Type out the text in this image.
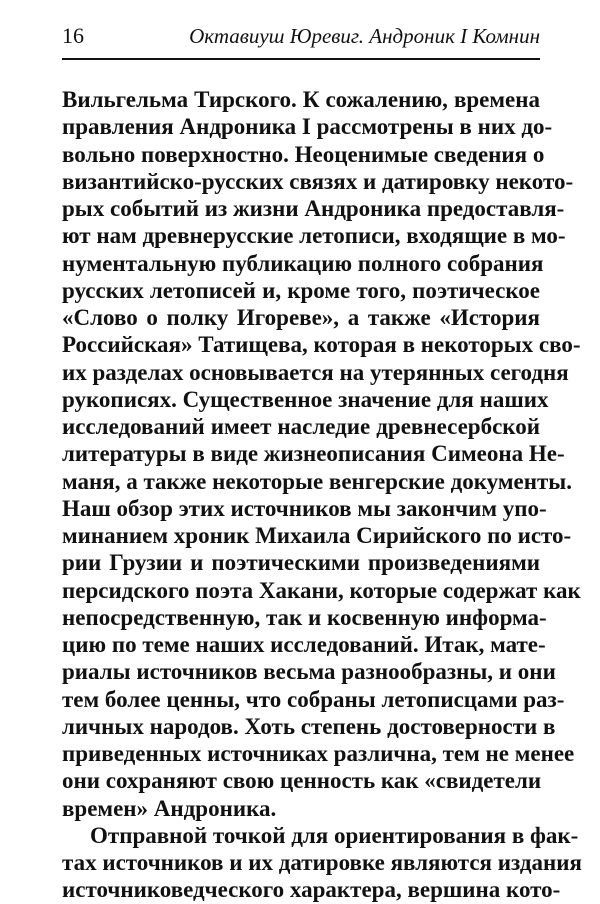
16	Октавиуш Юревиг. Андроник I Комнин
Вильгельма Тирского. К сожалению, времена
правления Андроника I рассмотрены в них до-
вольно поверхностно. Неоценимые сведения о
византийско-русских связях и датировку некото-
рых событий из жизни Андроника предоставля-
ют нам древнерусские летописи, входящие в мо-
нументальную публикацию полного собрания
русских летописей и, кроме того, поэтическое
«Слово о полку Игореве», а также «История
Российская» Татищева, которая в некоторых сво-
их разделах основывается на утерянных сегодня
рукописях. Существенное значение для наших
исследований имеет наследие древнесербской
литературы в виде жизнеописания Симеона Не-
маня, а также некоторые венгерские документы.
Наш обзор этих источников мы закончим упо-
минанием хроник Михаила Сирийского по исто-
рии Грузии и поэтическими произведениями
персидского поэта Хакани, которые содержат как
непосредственную, так и косвенную информа-
цию по теме наших исследований. Итак, мате-
риалы источников весьма разнообразны, и они
тем более ценны, что собраны летописцами раз-
личных народов. Хоть степень достоверности в
приведенных источниках различна, тем не менее
они сохраняют свою ценность как «свидетели
времен» Андроника.
Отправной точкой для ориентирования в фак-
тах источников и их датировке являются издания
источниковедческого характера, вершина кото-
